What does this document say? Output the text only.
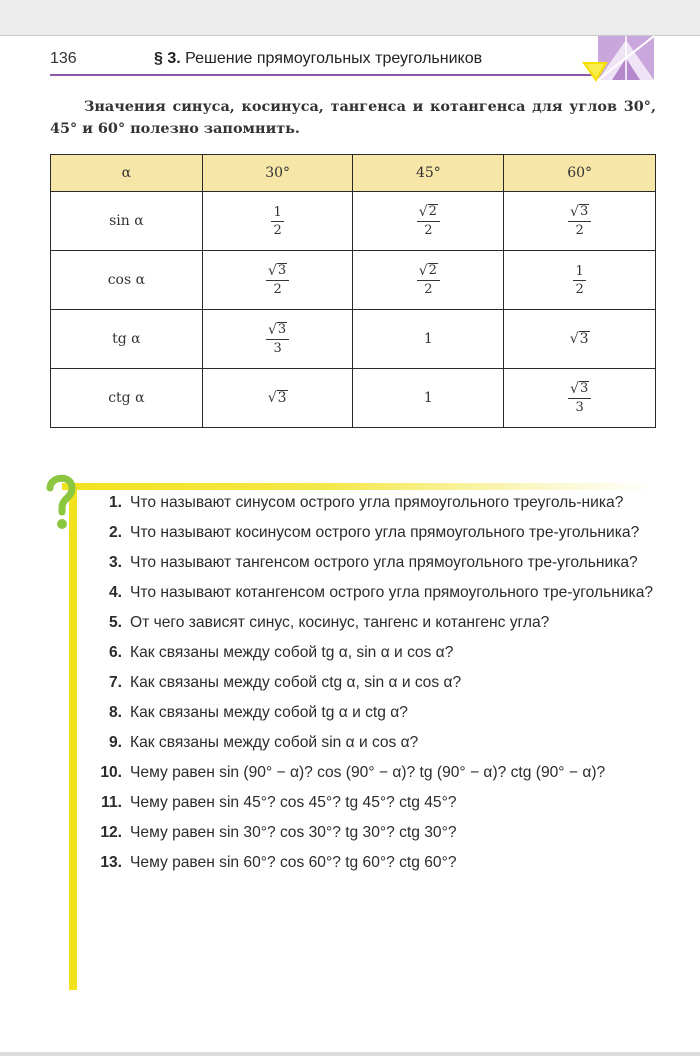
136	§ 3. Решение прямоугольных треугольников

Значения синуса, косинуса, тангенса и котангенса для углов 30°, 45° и 60° полезно запомнить.

α	30°	45°	60°
sin α	$\frac{1}{2}$	$\frac{√ 2}{2}$	$\frac{√ 3}{2}$

cos α	$\frac{√ 3}{2}$	$\frac{√ 2}{2}$	$\frac{1}{2}$

tg α	$\frac{√ 3}{3}$	1	√ 3

ctg α	√ 3	1	$\frac{√ 3}{3}$
1. Что называют синусом острого угла прямоугольного треуголь-ника?
2. Что называют косинусом острого угла прямоугольного тре-угольника?
3. Что называют тангенсом острого угла прямоугольного тре-угольника?
4. Что называют котангенсом острого угла прямоугольного тре-угольника?
5. От чего зависят синус, косинус, тангенс и котангенс угла?
6. Как связаны между собой tg α, sin α и cos α?
7. Как связаны между собой ctg α, sin α и cos α?
8. Как связаны между собой tg α и ctg α?
9. Как связаны между собой sin α и cos α?
10. Чему равен sin (90° − α)? cos (90° − α)? tg (90° − α)? ctg (90° − α)?
11. Чему равен sin 45°? cos 45°? tg 45°? ctg 45°?
12. Чему равен sin 30°? cos 30°? tg 30°? ctg 30°?
13. Чему равен sin 60°? cos 60°? tg 60°? ctg 60°?
